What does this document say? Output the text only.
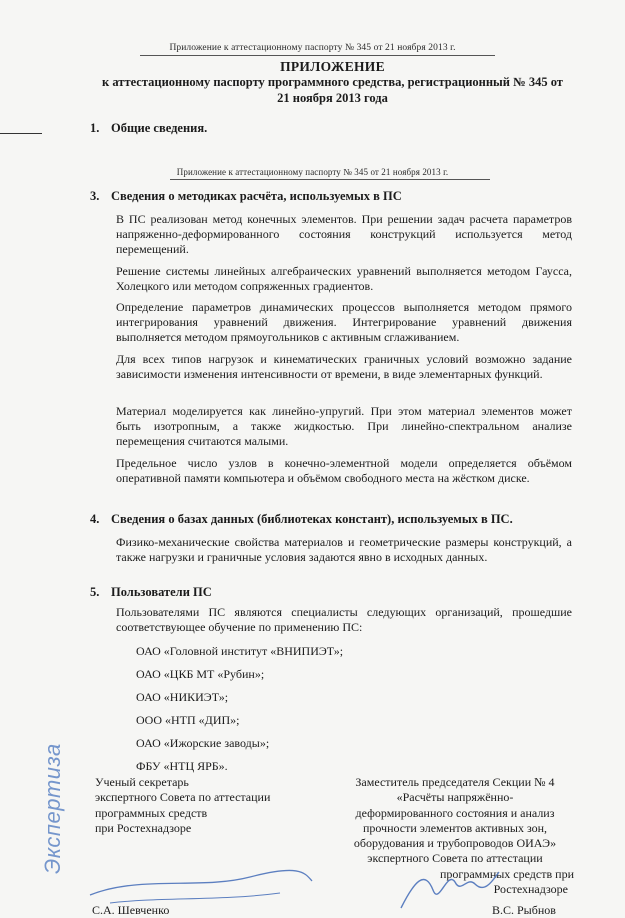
Приложение к аттестационному паспорту № 345 от 21 ноября 2013 г.
ПРИЛОЖЕНИЕ
к аттестационному паспорту программного средства, регистрационный № 345 от
21 ноября 2013 года
1. Общие сведения.
Приложение к аттестационному паспорту № 345 от 21 ноября 2013 г.
3. Сведения о методиках расчёта, используемых в ПС
В ПС реализован метод конечных элементов. При решении задач расчета параметров напряженно-деформированного состояния конструкций используется метод перемещений.
Решение системы линейных алгебраических уравнений выполняется методом Гаусса, Холецкого или методом сопряженных градиентов.
Определение параметров динамических процессов выполняется методом прямого интегрирования уравнений движения. Интегрирование уравнений движения выполняется методом прямоугольников с активным сглаживанием.
Для всех типов нагрузок и кинематических граничных условий возможно задание зависимости изменения интенсивности от времени, в виде элементарных функций.
Материал моделируется как линейно-упругий. При этом материал элементов может быть изотропным, а также жидкостью. При линейно-спектральном анализе перемещения считаются малыми.
Предельное число узлов в конечно-элементной модели определяется объёмом оперативной памяти компьютера и объёмом свободного места на жёстком диске.
4. Сведения о базах данных (библиотеках констант), используемых в ПС.
Физико-механические свойства материалов и геометрические размеры конструкций, а также нагрузки и граничные условия задаются явно в исходных данных.
5. Пользователи ПС
Пользователями ПС являются специалисты следующих организаций, прошедшие соответствующее обучение по применению ПС:
ОАО «Головной институт «ВНИПИЭТ»;
ОАО «ЦКБ МТ «Рубин»;
ОАО «НИКИЭТ»;
ООО «НТП «ДИП»;
ОАО «Ижорские заводы»;
ФБУ «НТЦ ЯРБ».
Ученый секретарь
экспертного Совета по аттестации
программных средств
при Ростехнадзоре
Заместитель председателя Секции № 4
«Расчёты напряжённо-
деформированного состояния и анализ
прочности элементов активных зон,
оборудования и трубопроводов ОИАЭ»
экспертного Совета по аттестации
программных средств при
Ростехнадзоре
Экспертиза
С.А. Шевченко	В.С. Рыбнов
